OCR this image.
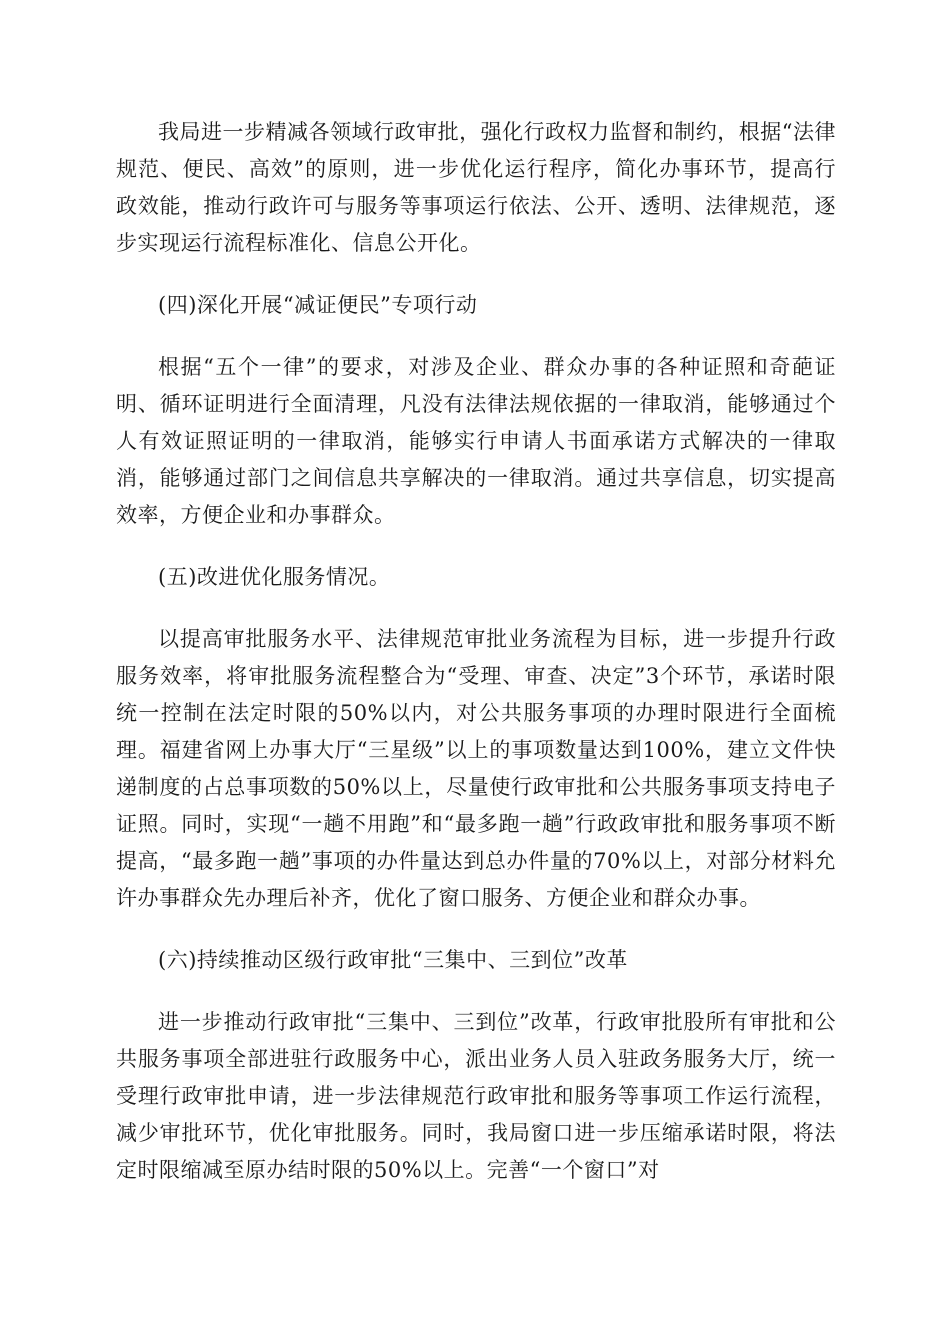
我局进一步精减各领域行政审批，强化行政权力监督和制约，根据“法律规范、便民、高效”的原则，进一步优化运行程序，简化办事环节，提高行政效能，推动行政许可与服务等事项运行依法、公开、透明、法律规范，逐步实现运行流程标准化、信息公开化。

(四)深化开展“减证便民”专项行动

根据“五个一律”的要求，对涉及企业、群众办事的各种证照和奇葩证明、循环证明进行全面清理，凡没有法律法规依据的一律取消，能够通过个人有效证照证明的一律取消，能够实行申请人书面承诺方式解决的一律取消，能够通过部门之间信息共享解决的一律取消。通过共享信息，切实提高效率，方便企业和办事群众。

(五)改进优化服务情况。

以提高审批服务水平、法律规范审批业务流程为目标，进一步提升行政服务效率，将审批服务流程整合为“受理、审查、决定”3个环节，承诺时限统一控制在法定时限的50%以内，对公共服务事项的办理时限进行全面梳理。福建省网上办事大厅“三星级”以上的事项数量达到100%，建立文件快递制度的占总事项数的50%以上，尽量使行政审批和公共服务事项支持电子证照。同时，实现“一趟不用跑”和“最多跑一趟”行政政审批和服务事项不断提高，“最多跑一趟”事项的办件量达到总办件量的70%以上，对部分材料允许办事群众先办理后补齐，优化了窗口服务、方便企业和群众办事。

(六)持续推动区级行政审批“三集中、三到位”改革

进一步推动行政审批“三集中、三到位”改革，行政审批股所有审批和公共服务事项全部进驻行政服务中心，派出业务人员入驻政务服务大厅，统一受理行政审批申请，进一步法律规范行政审批和服务等事项工作运行流程，减少审批环节，优化审批服务。同时，我局窗口进一步压缩承诺时限，将法定时限缩减至原办结时限的50%以上。完善“一个窗口”对
